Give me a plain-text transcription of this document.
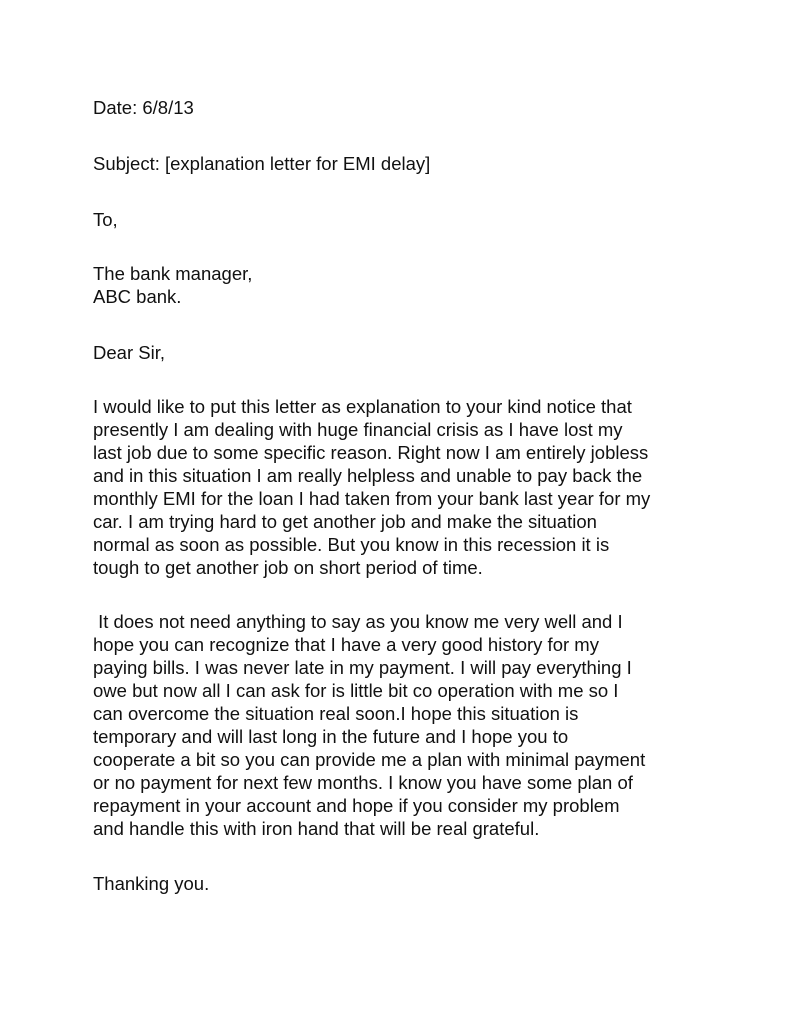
Date: 6/8/13

Subject: [explanation letter for EMI delay]

To,

The bank manager,

ABC bank.

Dear Sir,

I would like to put this letter as explanation to your kind notice that

presently I am dealing with huge financial crisis as I have lost my

last job due to some specific reason. Right now I am entirely jobless

and in this situation I am really helpless and unable to pay back the

monthly EMI for the loan I had taken from your bank last year for my

car. I am trying hard to get another job and make the situation

normal as soon as possible. But you know in this recession it is

tough to get another job on short period of time.

It does not need anything to say as you know me very well and I

hope you can recognize that I have a very good history for my

paying bills. I was never late in my payment. I will pay everything I

owe but now all I can ask for is little bit co operation with me so I

can overcome the situation real soon.I hope this situation is

temporary and will last long in the future and I hope you to

cooperate a bit so you can provide me a plan with minimal payment

or no payment for next few months. I know you have some plan of

repayment in your account and hope if you consider my problem

and handle this with iron hand that will be real grateful.

Thanking you.
